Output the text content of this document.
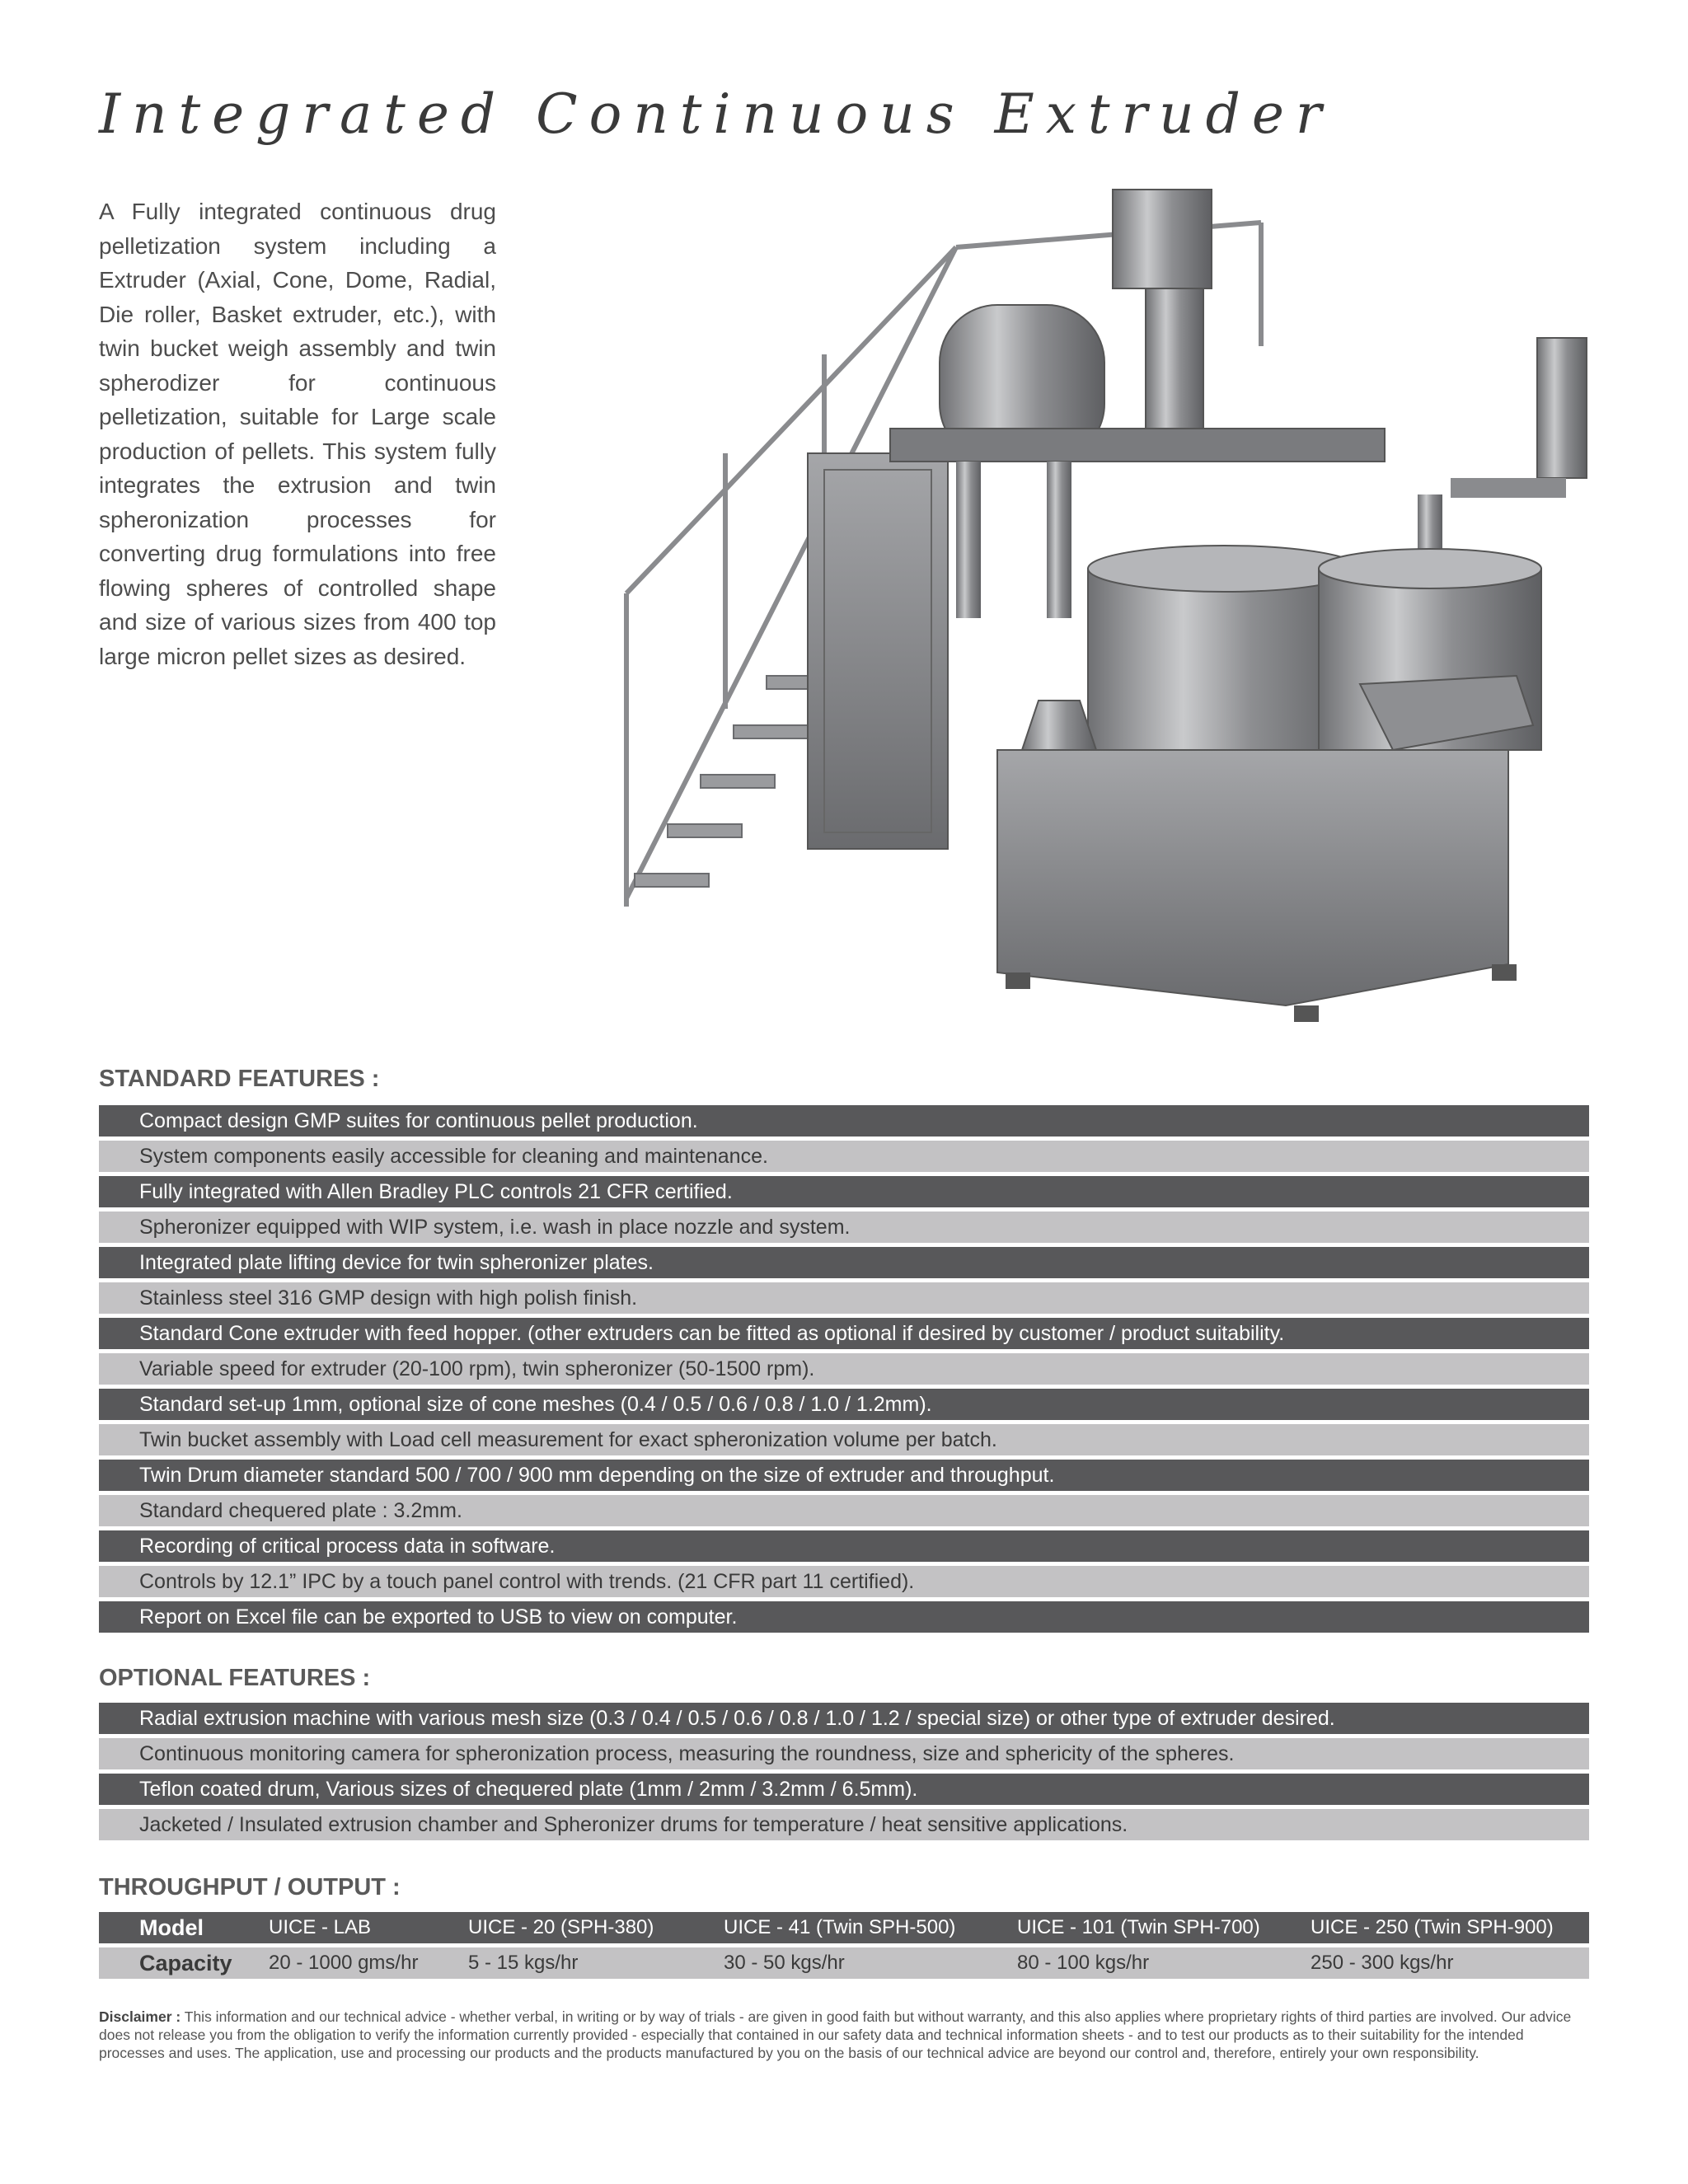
Integrated Continuous Extruder

A Fully integrated continuous drug pelletization system including a Extruder (Axial, Cone, Dome, Radial, Die roller, Basket extruder, etc.), with twin bucket weigh assembly and twin spherodizer for continuous pelletization, suitable for Large scale production of pellets. This system fully integrates the extrusion and twin spheronization processes for converting drug formulations into free flowing spheres of controlled shape and size of various sizes from 400 top large micron pellet sizes as desired.

STANDARD FEATURES :
Compact design GMP suites for continuous pellet production.
System components easily accessible for cleaning and maintenance.
Fully integrated with Allen Bradley PLC controls 21 CFR certified.
Spheronizer equipped with WIP system, i.e. wash in place nozzle and system.
Integrated plate lifting device for twin spheronizer plates.
Stainless steel 316 GMP design with high polish finish.
Standard Cone extruder with feed hopper. (other extruders can be fitted as optional if desired by customer / product suitability.
Variable speed for extruder (20-100 rpm), twin spheronizer (50-1500 rpm).
Standard set-up 1mm, optional size of cone meshes (0.4 / 0.5 / 0.6 / 0.8 / 1.0 / 1.2mm).
Twin bucket assembly with Load cell measurement for exact spheronization volume per batch.
Twin Drum diameter standard 500 / 700 / 900 mm depending on the size of extruder and throughput.
Standard chequered plate : 3.2mm.
Recording of critical process data in software.
Controls by 12.1” IPC by a touch panel control with trends. (21 CFR part 11 certified).
Report on Excel file can be exported to USB to view on computer.
OPTIONAL FEATURES :
Radial extrusion machine with various mesh size (0.3 / 0.4 / 0.5 / 0.6 / 0.8 / 1.0 / 1.2 / special size) or other type of extruder desired.
Continuous monitoring camera for spheronization process, measuring the roundness, size and sphericity of the spheres.
Teflon coated drum, Various sizes of chequered plate (1mm / 2mm / 3.2mm / 6.5mm).
Jacketed / Insulated extrusion chamber and Spheronizer drums for temperature / heat sensitive applications.
THROUGHPUT / OUTPUT :
Model	UICE - LAB	UICE - 20 (SPH-380)	UICE - 41 (Twin SPH-500)	UICE - 101 (Twin SPH-700)	UICE - 250 (Twin SPH-900)
Capacity	20 - 1000 gms/hr	5 - 15 kgs/hr	30 - 50 kgs/hr	80 - 100 kgs/hr	250 - 300 kgs/hr

Disclaimer : This information and our technical advice - whether verbal, in writing or by way of trials - are given in good faith but without warranty, and this also applies where proprietary rights of third parties are involved. Our advice does not release you from the obligation to verify the information currently provided - especially that contained in our safety data and technical information sheets - and to test our products as to their suitability for the intended processes and uses. The application, use and processing our products and the products manufactured by you on the basis of our technical advice are beyond our control and, therefore, entirely your own responsibility.
